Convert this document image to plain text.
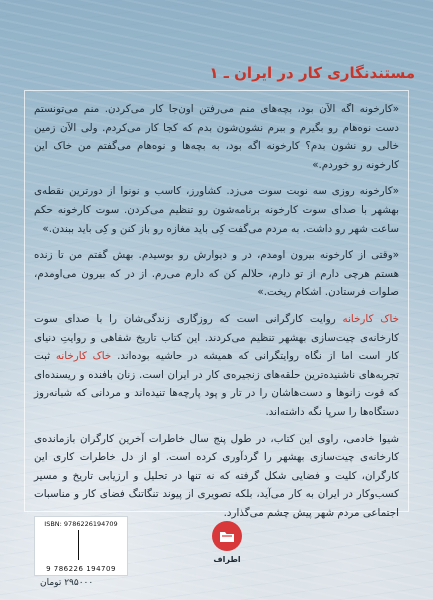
مستندنگاری کار در ایران ـ ۱

«کارخونه اگه الآن بود، بچه‌های منم می‌رفتن اون‌جا کار می‌کردن. منم می‌تونستم دست نوه‌هام رو بگیرم و ببرم نشون‌شون بدم که کجا کار می‌کردم. ولی الآن زمین خالی‌ رو نشون بدم؟ کارخونه اگه بود، به بچه‌ها و نوه‌هام می‌گفتم من خاک این کارخونه رو خوردم.»

«کارخونه روزی سه نوبت سوت می‌زد. کشاورز، کاسب و نونوا از دورترین نقطه‌ی بهشهر با صدای سوت کارخونه برنامه‌شون رو تنظیم می‌کردن. سوت کارخونه حکم ساعت شهر رو داشت. به مردم می‌گفت کِی باید مغازه رو باز کنن و کِی باید ببندن.»

«وقتی از کارخونه بیرون اومدم، در و دیوارش رو بوسیدم. بهش گفتم من تا زنده هستم هرچی دارم از تو دارم، حلالم کن که دارم می‌رم. از در که بیرون می‌اومدم، صلوات فرستادن. اشکام ریخت.»

خاک کارخانه روایت کارگرانی است که روزگاری زندگی‌شان را با صدای سوت کارخانه‌ی چیت‌سازی بهشهر تنظیم می‌کردند. این کتاب تاریخ شفاهی و روایتِ دنیای کار است اما از نگاه روایتگرانی که همیشه در حاشیه بوده‌اند. خاک کارخانه ثبت تجربه‌های ناشنیده‌ترین حلقه‌های زنجیره‌ی کار در ایران است. زنان بافنده و ریسنده‌ای که قوت زانوها و دست‌هاشان را در تار و پود پارچه‌ها تنیده‌اند و مردانی که شبانه‌روز دستگاه‌ها را سرپا نگه داشته‌اند.

شیوا خادمی، راوی این کتاب، در طول پنج سال خاطرات آخرین کارگران بازمانده‌ی کارخانه‌ی چیت‌سازی بهشهر را گردآوری کرده است. او از دل خاطرات کاری این کارگران، کلیت و فضایی شکل گرفته که نه تنها در تحلیل و ارزیابی تاریخ و مسیر کسب‌وکار در ایران به کار می‌آید، بلکه تصویری از پیوند تنگاتنگ فضای کار و مناسبات اجتماعی مردم شهر پیش چشم می‌گذارد.

ISBN: 9786226194709
9 786226 194709
۲۹۵۰۰۰ تومان
اطراف
